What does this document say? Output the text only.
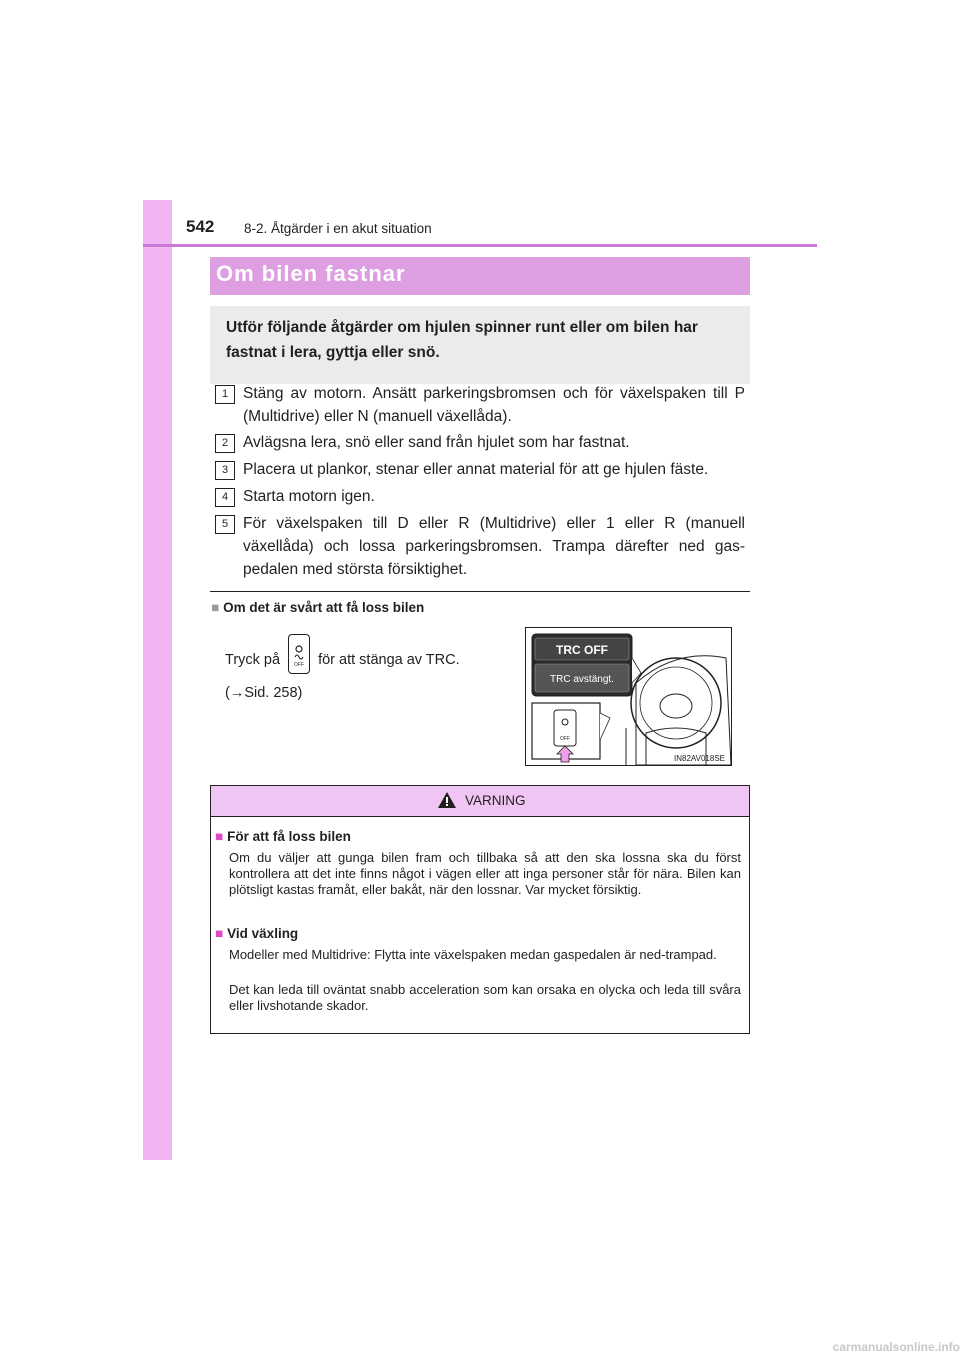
542 8-2. Åtgärder i en akut situation
Om bilen fastnar
Utför följande åtgärder om hjulen spinner runt eller om bilen har fastnat i lera, gyttja eller snö.
1 Stäng av motorn. Ansätt parkeringsbromsen och för växelspaken till P (Multidrive) eller N (manuell växellåda).
2 Avlägsna lera, snö eller sand från hjulet som har fastnat.
3 Placera ut plankor, stenar eller annat material för att ge hjulen fäste.
4 Starta motorn igen.
5 För växelspaken till D eller R (Multidrive) eller 1 eller R (manuell växellåda) och lossa parkeringsbromsen. Trampa därefter ned gas-pedalen med största försiktighet.
■ Om det är svårt att få loss bilen
Tryck på	OFF för att stänga av TRC.
(→Sid. 258)
TRC OFF
TRC avstängt.
OFF
IN82AV018SE
VARNING
■ För att få loss bilen
Om du väljer att gunga bilen fram och tillbaka så att den ska lossna ska du först kontrollera att det inte finns något i vägen eller att inga personer står för nära. Bilen kan plötsligt kastas framåt, eller bakåt, när den lossnar. Var mycket försiktig.
■ Vid växling
Modeller med Multidrive: Flytta inte växelspaken medan gaspedalen är ned-trampad.
Det kan leda till oväntat snabb acceleration som kan orsaka en olycka och leda till svåra eller livshotande skador.
carmanualsonline.info
